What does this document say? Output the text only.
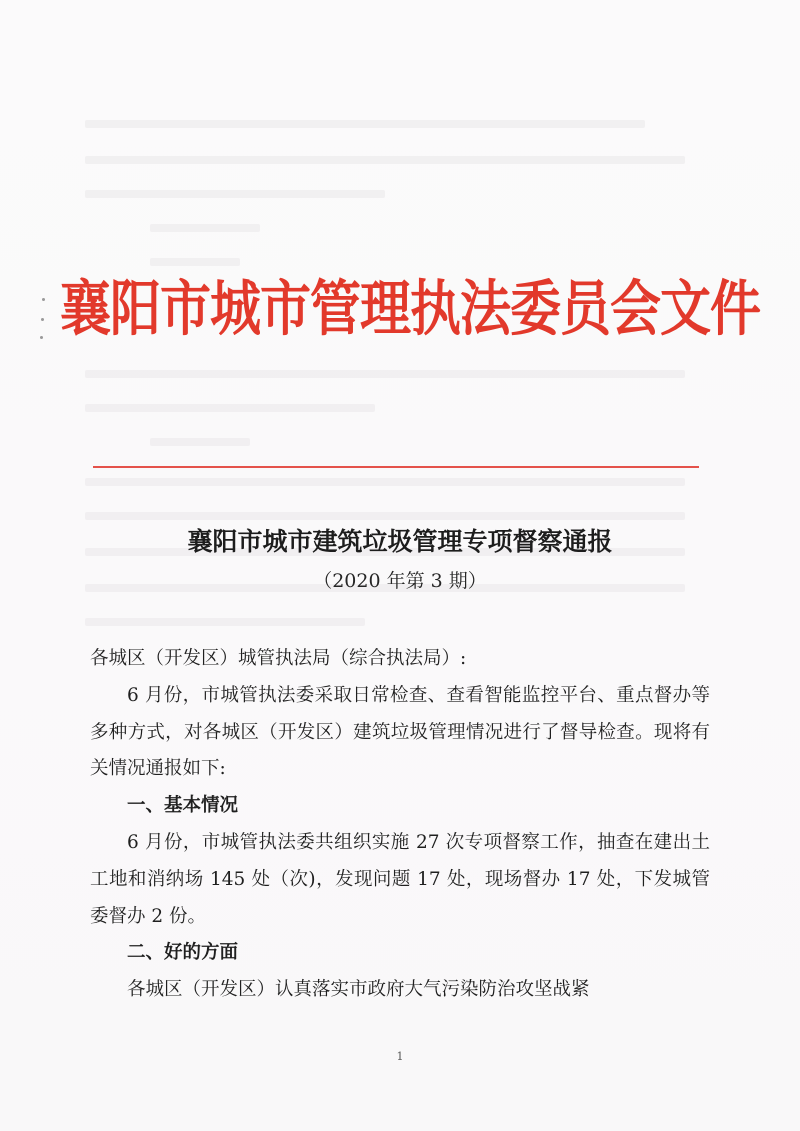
襄阳市城市管理执法委员会文件
襄阳市城市建筑垃圾管理专项督察通报
（2020 年第 3 期）

各城区（开发区）城管执法局（综合执法局）:

6 月份，市城管执法委采取日常检查、查看智能监控平台、重点督办等多种方式，对各城区（开发区）建筑垃圾管理情况进行了督导检查。现将有关情况通报如下:

一、基本情况

6 月份，市城管执法委共组织实施 27 次专项督察工作，抽查在建出土工地和消纳场 145 处（次)，发现问题 17 处，现场督办 17 处，下发城管委督办 2 份。

二、好的方面

各城区（开发区）认真落实市政府大气污染防治攻坚战紧

1
